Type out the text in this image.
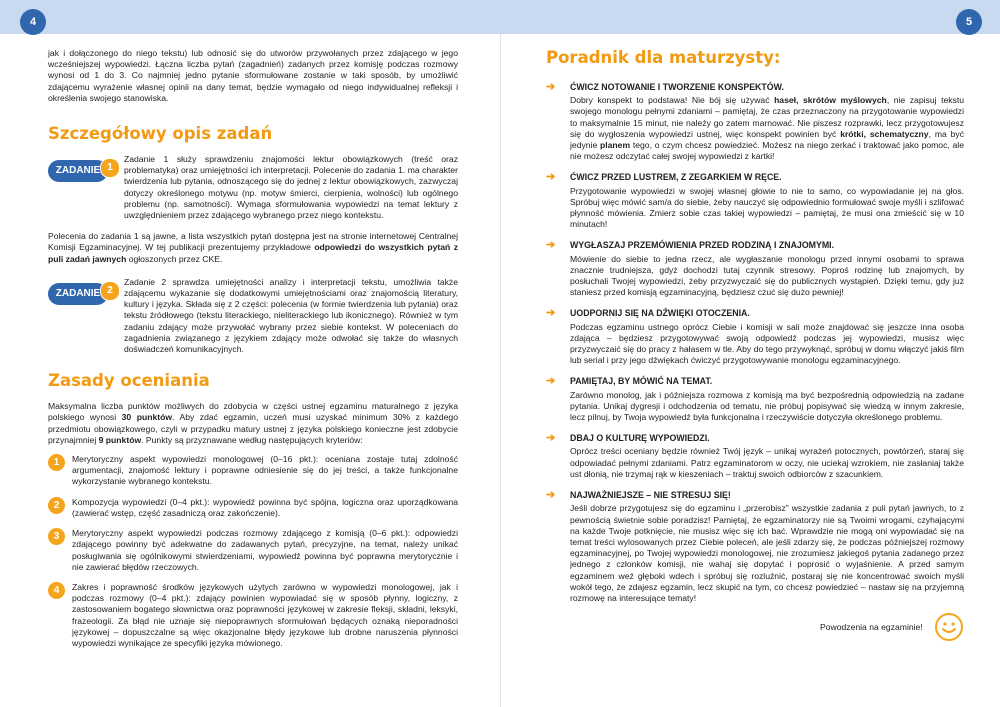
4	5

jak i dołączonego do niego tekstu) lub odnosić się do utworów przywołanych przez zdającego w jego wcześniejszej wypowiedzi. Łączna liczba pytań (zagadnień) zadanych przez komisję podczas rozmowy wynosi od 1 do 3. Co najmniej jedno pytanie sformułowane zostanie w taki sposób, by umożliwić zdającemu wyrażenie własnej opinii na dany temat, będzie wymagało od niego indywidualnej refleksji i określenia swojego stanowiska.

Szczegółowy opis zadań
ZADANIE 1

Zadanie 1 służy sprawdzeniu znajomości lektur obowiązkowych (treść oraz problematyka) oraz umiejętności ich interpretacji. Polecenie do zadania 1. ma charakter twierdzenia lub pytania, odnoszącego się do jednej z lektur obowiązkowych, zazwyczaj dotyczy określonego motywu (np. motyw śmierci, cierpienia, wolności) lub ogólnego problemu (np. samotności). Wymaga sformułowania wypowiedzi na temat lektury z uwzględnieniem przez zdającego wybranego przez niego kontekstu.

Polecenia do zadania 1 są jawne, a lista wszystkich pytań dostępna jest na stronie internetowej Centralnej Komisji Egzaminacyjnej. W tej publikacji prezentujemy przykładowe odpowiedzi do wszystkich pytań z puli zadań jawnych ogłoszonych przez CKE.

ZADANIE 2

Zadanie 2 sprawdza umiejętności analizy i interpretacji tekstu, umożliwia także zdającemu wykazanie się dodatkowymi umiejętnościami oraz znajomością literatury, kultury i języka. Składa się z 2 części: polecenia (w formie twierdzenia lub pytania) oraz tekstu źródłowego (tekstu literackiego, nieliterackiego lub ikonicznego). Również w tym zadaniu zdający może przywołać wybrany przez siebie kontekst. W poleceniach do zagadnienia związanego z językiem zdający może odwołać się także do własnych doświadczeń komunikacyjnych.

Zasady oceniania

Maksymalna liczba punktów możliwych do zdobycia w części ustnej egzaminu maturalnego z języka polskiego wynosi 30 punktów. Aby zdać egzamin, uczeń musi uzyskać minimum 30% z każdego przedmiotu obowiązkowego, czyli w przypadku matury ustnej z języka polskiego konieczne jest zdobycie przynajmniej 9 punktów. Punkty są przyznawane według następujących kryteriów:

1	Merytoryczny aspekt wypowiedzi monologowej (0–16 pkt.): oceniana zostaje tutaj zdolność argumentacji, znajomość lektury i poprawne odniesienie się do jej treści, a także funkcjonalne wykorzystanie wybranego kontekstu.

2	Kompozycja wypowiedzi (0–4 pkt.): wypowiedź powinna być spójna, logiczna oraz uporządkowana (zawierać wstęp, część zasadniczą oraz zakończenie).

3	Merytoryczny aspekt wypowiedzi podczas rozmowy zdającego z komisją (0–6 pkt.): odpowiedzi zdającego powinny być adekwatne do zadawanych pytań, precyzyjne, na temat, należy unikać posługiwania się ogólnikowymi stwierdzeniami, wypowiedź powinna być poprawna merytorycznie i nie zawierać błędów rzeczowych.

4	Zakres i poprawność środków językowych użytych zarówno w wypowiedzi monologowej, jak i podczas rozmowy (0–4 pkt.): zdający powinien wypowiadać się w sposób płynny, logiczny, z zastosowaniem bogatego słownictwa oraz poprawności językowej w zakresie fleksji, składni, leksyki, frazeologii. Za błąd nie uznaje się niepoprawnych sformułowań będących oznaką nieporadności językowej – dopuszczalne są więc okazjonalne błędy językowe lub drobne naruszenia płynności wypowiedzi wynikające ze specyfiki języka mówionego.

Poradnik dla maturzysty:
➔ ĆWICZ NOTOWANIE I TWORZENIE KONSPEKTÓW.

Dobry konspekt to podstawa! Nie bój się używać haseł, skrótów myślowych, nie zapisuj tekstu swojego monologu pełnymi zdaniami – pamiętaj, że czas przeznaczony na przygotowanie wypowiedzi to maksymalnie 15 minut, nie należy go zatem marnować. Nie piszesz rozprawki, lecz przygotowujesz się do wygłoszenia wypowiedzi ustnej, więc konspekt powinien być krótki, schematyczny, ma być jedynie planem tego, o czym chcesz powiedzieć. Możesz na niego zerkać i traktować jako pomoc, ale nie możesz odczytać całej swojej wypowiedzi z kartki!

➔ ĆWICZ PRZED LUSTREM, Z ZEGARKIEM W RĘCE.

Przygotowanie wypowiedzi w swojej własnej głowie to nie to samo, co wypowiadanie jej na głos. Spróbuj więc mówić sam/a do siebie, żeby nauczyć się odpowiednio formułować swoje myśli i szlifować płynność mówienia. Zmierz sobie czas takiej wypowiedzi – pamiętaj, że musi ona zmieścić się w 10 minutach!

➔ WYGŁASZAJ PRZEMÓWIENIA PRZED RODZINĄ I ZNAJOMYMI.

Mówienie do siebie to jedna rzecz, ale wygłaszanie monologu przed innymi osobami to sprawa znacznie trudniejsza, gdyż dochodzi tutaj czynnik stresowy. Poproś rodzinę lub znajomych, by posłuchali Twojej wypowiedzi, żeby przyzwyczaić się do publicznych wystąpień. Dzięki temu, gdy już staniesz przed komisją egzaminacyjną, będziesz czuć się dużo pewniej!

➔ UODPORNIJ SIĘ NA DŹWIĘKI OTOCZENIA.

Podczas egzaminu ustnego oprócz Ciebie i komisji w sali może znajdować się jeszcze inna osoba zdająca – będziesz przygotowywać swoją odpowiedź podczas jej wypowiedzi, musisz więc przyzwyczaić się do pracy z hałasem w tle. Aby do tego przywyknąć, spróbuj w domu włączyć jakiś film lub serial i przy jego dźwiękach ćwiczyć przygotowywanie monologu egzaminacyjnego.

➔ PAMIĘTAJ, BY MÓWIĆ NA TEMAT.

Zarówno monolog, jak i późniejsza rozmowa z komisją ma być bezpośrednią odpowiedzią na zadane pytania. Unikaj dygresji i odchodzenia od tematu, nie próbuj popisywać się wiedzą w innym zakresie, lecz pilnuj, by Twoja wypowiedź była funkcjonalna i rzeczywiście dotyczyła określonego problemu.

➔ DBAJ O KULTURĘ WYPOWIEDZI.

Oprócz treści oceniany będzie również Twój język – unikaj wyrażeń potocznych, powtórzeń, staraj się odpowiadać pełnymi zdaniami. Patrz egzaminatorom w oczy, nie uciekaj wzrokiem, nie zasłaniaj także ust dłonią, nie trzymaj rąk w kieszeniach – traktuj swoich odbiorców z szacunkiem.

➔ NAJWAŻNIEJSZE – NIE STRESUJ SIĘ!

Jeśli dobrze przygotujesz się do egzaminu i „przerobisz” wszystkie zadania z puli pytań jawnych, to z pewnością świetnie sobie poradzisz! Pamiętaj, że egzaminatorzy nie są Twoimi wrogami, czyhającymi na każde Twoje potknięcie, nie musisz więc się ich bać. Wprawdzie nie mogą oni wypowiadać się na temat treści wylosowanych przez Ciebie poleceń, ale jeśli zdarzy się, że podczas późniejszej rozmowy egzaminacyjnej, po Twojej wypowiedzi monologowej, nie zrozumiesz jakiegoś pytania zadanego przez jednego z członków komisji, nie wahaj się dopytać i poprosić o wyjaśnienie. A przed samym egzaminem weź głęboki wdech i spróbuj się rozluźnić, postaraj się nie koncentrować swoich myśli wokół tego, że zdajesz egzamin, lecz skupić na tym, co chcesz powiedzieć – nastaw się na przyjemną rozmowę na interesujące tematy!

Powodzenia na egzaminie!
